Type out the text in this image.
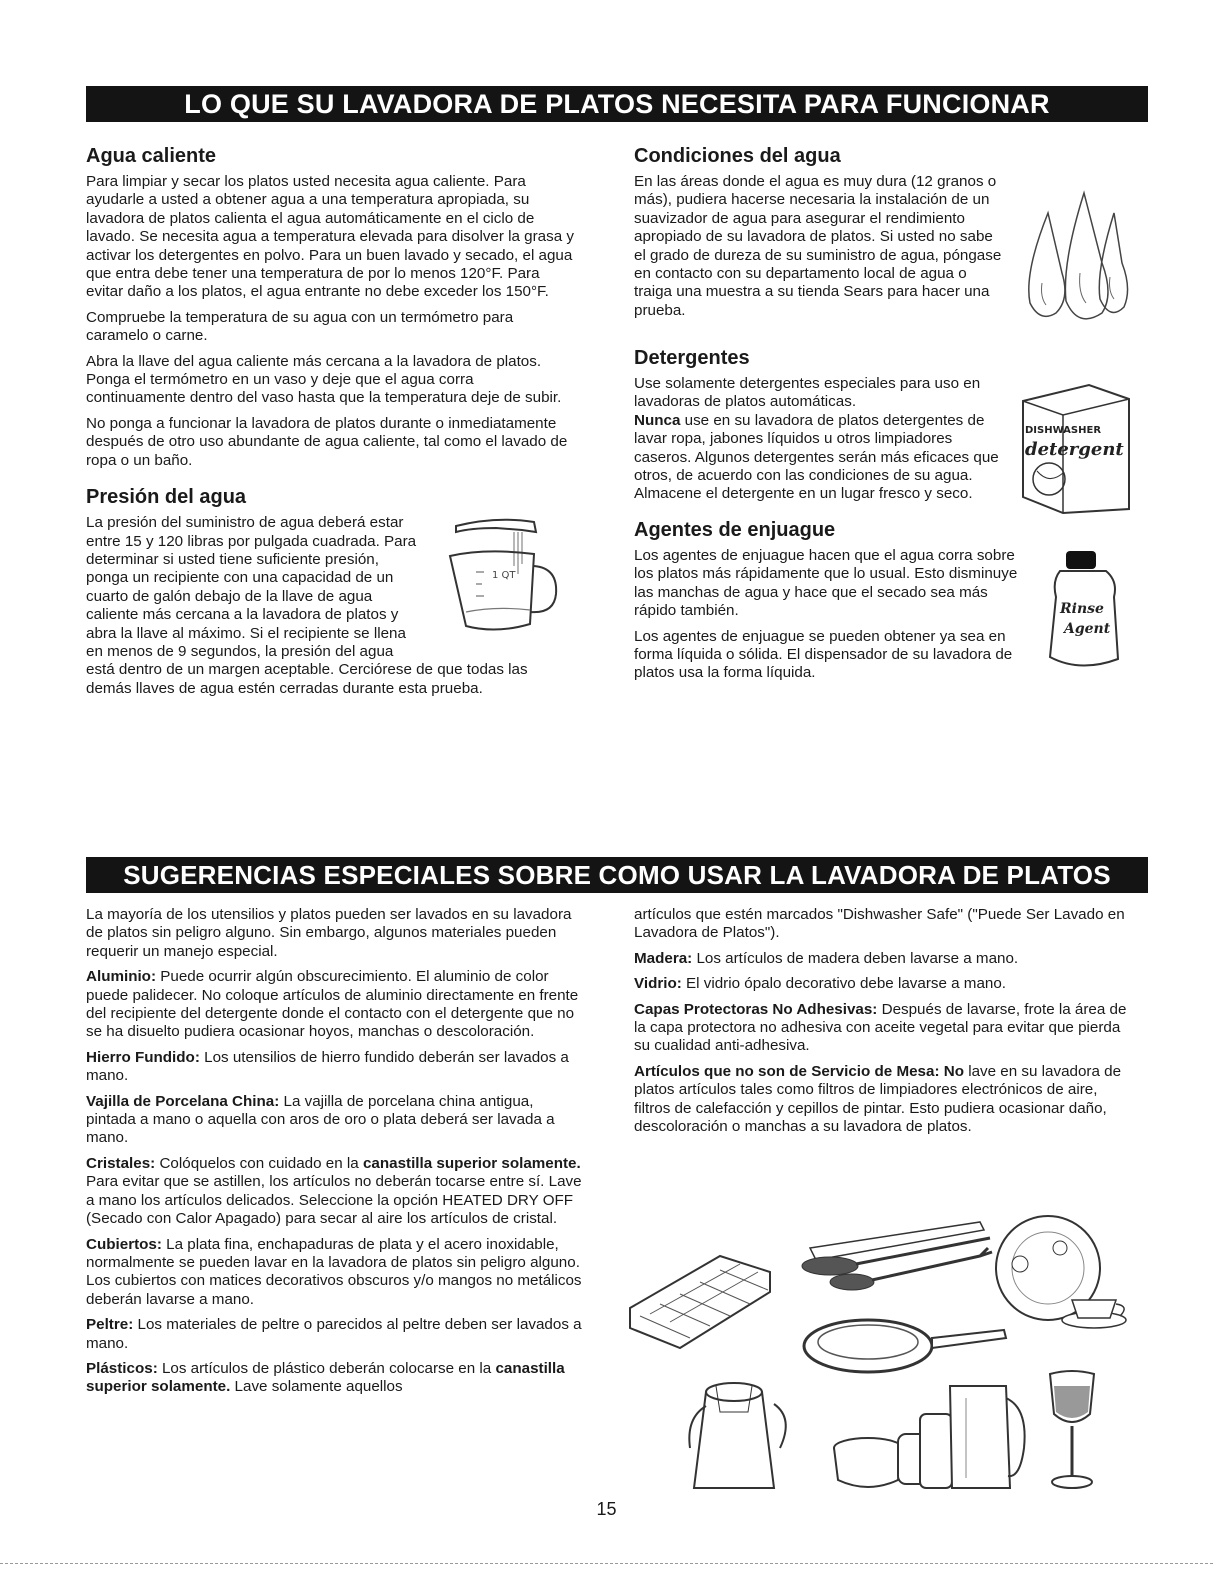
LO QUE SU LAVADORA DE PLATOS NECESITA PARA FUNCIONAR
Agua caliente

Para limpiar y secar los platos usted necesita agua caliente. Para ayudarle a usted a obtener agua a una temperatura apropiada, su lavadora de platos calienta el agua automáticamente en el ciclo de lavado. Se necesita agua a temperatura elevada para disolver la grasa y activar los detergentes en polvo. Para un buen lavado y secado, el agua que entra debe tener una temperatura de por lo menos 120°F. Para evitar daño a los platos, el agua entrante no debe exceder los 150°F.

Compruebe la temperatura de su agua con un termómetro para caramelo o carne.

Abra la llave del agua caliente más cercana a la lavadora de platos. Ponga el termómetro en un vaso y deje que el agua corra continuamente dentro del vaso hasta que la temperatura deje de subir.

No ponga a funcionar la lavadora de platos durante o inmediatamente después de otro uso abundante de agua caliente, tal como el lavado de ropa o un baño.

Presión del agua
1 QT

La presión del suministro de agua deberá estar entre 15 y 120 libras por pulgada cuadrada. Para determinar si usted tiene suficiente presión, ponga un recipiente con una capacidad de un cuarto de galón debajo de la llave de agua caliente más cercana a la lavadora de platos y abra la llave al máximo. Si el recipiente se llena en menos de 9 segundos, la presión del agua está dentro de un margen aceptable. Cerciórese de que todas las demás llaves de agua estén cerradas durante esta prueba.

Condiciones del agua

En las áreas donde el agua es muy dura (12 granos o más), pudiera hacerse necesaria la instalación de un suavizador de agua para asegurar el rendimiento apropiado de su lavadora de platos. Si usted no sabe el grado de dureza de su suministro de agua, póngase en contacto con su departamento local de agua o traiga una muestra a su tienda Sears para hacer una prueba.

Detergentes
DISHWASHER
detergent

Use solamente detergentes especiales para uso en lavadoras de platos automáticas.
Nunca use en su lavadora de platos detergentes de lavar ropa, jabones líquidos u otros limpiadores caseros. Algunos detergentes serán más eficaces que otros, de acuerdo con las condiciones de su agua. Almacene el detergente en un lugar fresco y seco.

Agentes de enjuague
Rinse
Agent

Los agentes de enjuague hacen que el agua corra sobre los platos más rápidamente que lo usual. Esto disminuye las manchas de agua y hace que el secado sea más rápido también.

Los agentes de enjuague se pueden obtener ya sea en forma líquida o sólida. El dispensador de su lavadora de platos usa la forma líquida.

SUGERENCIAS ESPECIALES SOBRE COMO USAR LA LAVADORA DE PLATOS

La mayoría de los utensilios y platos pueden ser lavados en su lavadora de platos sin peligro alguno. Sin embargo, algunos materiales pueden requerir un manejo especial.

Aluminio: Puede ocurrir algún obscurecimiento. El aluminio de color puede palidecer. No coloque artículos de aluminio directamente en frente del recipiente del detergente donde el contacto con el detergente que no se ha disuelto pudiera ocasionar hoyos, manchas o descoloración.

Hierro Fundido: Los utensilios de hierro fundido deberán ser lavados a mano.

Vajilla de Porcelana China: La vajilla de porcelana china antigua, pintada a mano o aquella con aros de oro o plata deberá ser lavada a mano.

Cristales: Colóquelos con cuidado en la canastilla superior solamente. Para evitar que se astillen, los artículos no deberán tocarse entre sí. Lave a mano los artículos delicados. Seleccione la opción HEATED DRY OFF (Secado con Calor Apagado) para secar al aire los artículos de cristal.

Cubiertos: La plata fina, enchapaduras de plata y el acero inoxidable, normalmente se pueden lavar en la lavadora de platos sin peligro alguno. Los cubiertos con matices decorativos obscuros y/o mangos no metálicos deberán lavarse a mano.

Peltre: Los materiales de peltre o parecidos al peltre deben ser lavados a mano.

Plásticos: Los artículos de plástico deberán colocarse en la canastilla superior solamente. Lave solamente aquellos

artículos que estén marcados "Dishwasher Safe" ("Puede Ser Lavado en Lavadora de Platos").

Madera: Los artículos de madera deben lavarse a mano.

Vidrio: El vidrio ópalo decorativo debe lavarse a mano.

Capas Protectoras No Adhesivas: Después de lavarse, frote la área de la capa protectora no adhesiva con aceite vegetal para evitar que pierda su cualidad anti-adhesiva.

Artículos que no son de Servicio de Mesa: No lave en su lavadora de platos artículos tales como filtros de limpiadores electrónicos de aire, filtros de calefacción y cepillos de pintar. Esto pudiera ocasionar daño, descoloración o manchas a su lavadora de platos.

15
